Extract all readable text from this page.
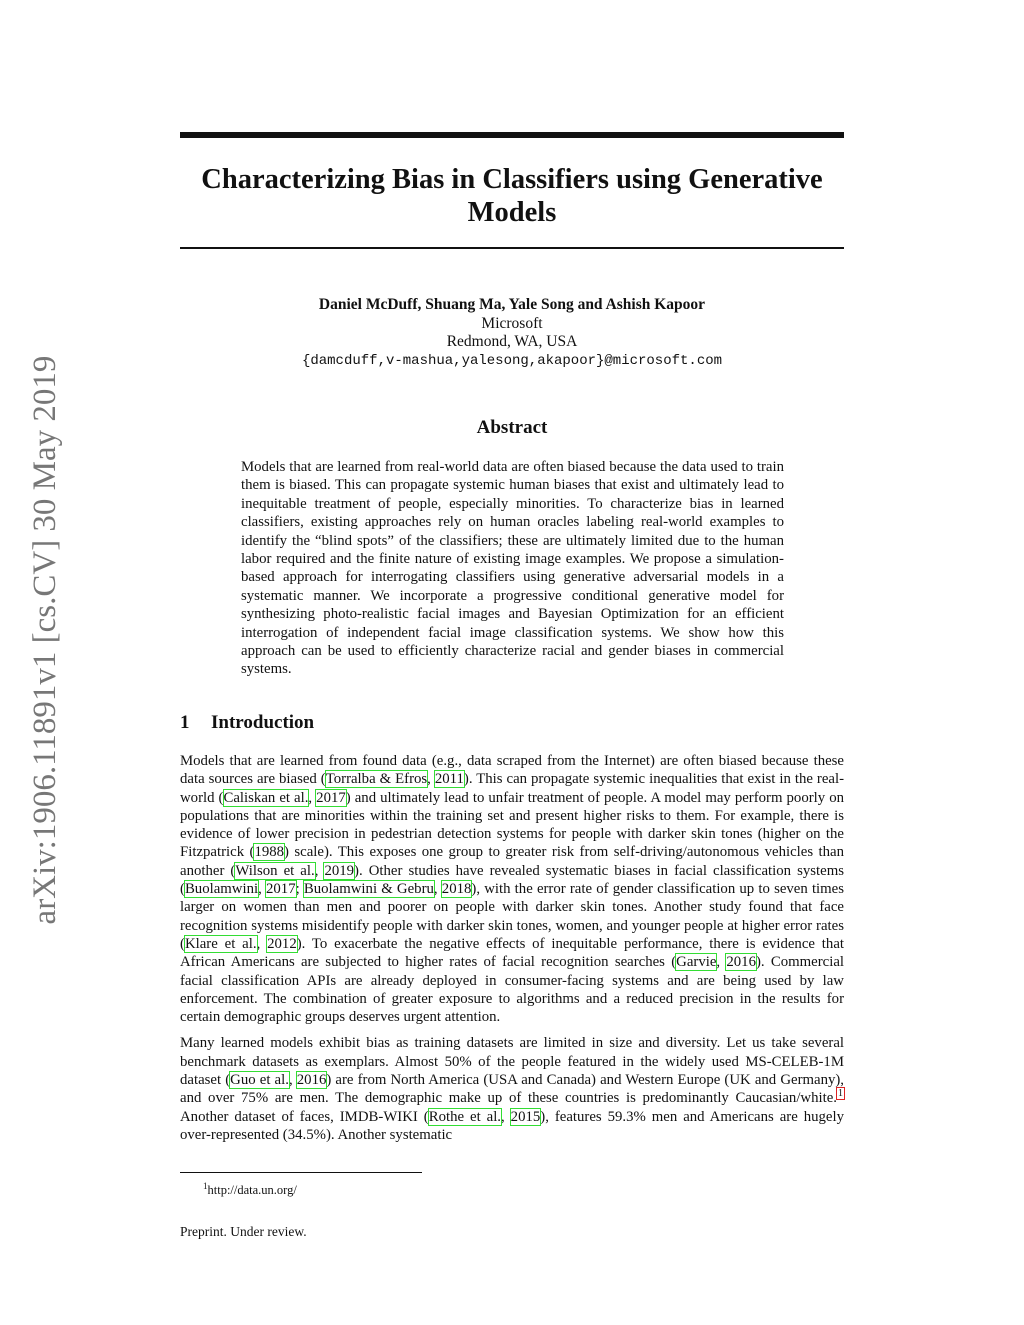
arXiv:1906.11891v1 [cs.CV] 30 May 2019
Characterizing Bias in Classifiers using Generative
Models
Daniel McDuff, Shuang Ma, Yale Song and Ashish Kapoor
Microsoft
Redmond, WA, USA
{damcduff,v-mashua,yalesong,akapoor}@microsoft.com
Abstract
Models that are learned from real-world data are often biased because the data used to train them is biased. This can propagate systemic human biases that exist and ultimately lead to inequitable treatment of people, especially minorities. To characterize bias in learned classifiers, existing approaches rely on human oracles labeling real-world examples to identify the “blind spots” of the classifiers; these are ultimately limited due to the human labor required and the finite nature of existing image examples. We propose a simulation-based approach for interrogating classifiers using generative adversarial models in a systematic manner. We incorporate a progressive conditional generative model for synthesizing photo-realistic facial images and Bayesian Optimization for an efficient interrogation of independent facial image classification systems. We show how this approach can be used to efficiently characterize racial and gender biases in commercial systems.
1 Introduction

Models that are learned from found data (e.g., data scraped from the Internet) are often biased because these data sources are biased (Torralba & Efros, 2011). This can propagate systemic inequalities that exist in the real-world (Caliskan et al., 2017) and ultimately lead to unfair treatment of people. A model may perform poorly on populations that are minorities within the training set and present higher risks to them. For example, there is evidence of lower precision in pedestrian detection systems for people with darker skin tones (higher on the Fitzpatrick (1988) scale). This exposes one group to greater risk from self-driving/autonomous vehicles than another (Wilson et al., 2019). Other studies have revealed systematic biases in facial classification systems (Buolamwini, 2017; Buolamwini & Gebru, 2018), with the error rate of gender classification up to seven times larger on women than men and poorer on people with darker skin tones. Another study found that face recognition systems misidentify people with darker skin tones, women, and younger people at higher error rates (Klare et al., 2012). To exacerbate the negative effects of inequitable performance, there is evidence that African Americans are subjected to higher rates of facial recognition searches (Garvie, 2016). Commercial facial classification APIs are already deployed in consumer-facing systems and are being used by law enforcement. The combination of greater exposure to algorithms and a reduced precision in the results for certain demographic groups deserves urgent attention.

Many learned models exhibit bias as training datasets are limited in size and diversity. Let us take several benchmark datasets as exemplars. Almost 50% of the people featured in the widely used MS-CELEB-1M dataset (Guo et al., 2016) are from North America (USA and Canada) and Western Europe (UK and Germany), and over 75% are men. The demographic make up of these countries is predominantly Caucasian/white.$^1$ Another dataset of faces, IMDB-WIKI (Rothe et al., 2015), features 59.3% men and Americans are hugely over-represented (34.5%). Another systematic

$^1$http://data.un.org/
Preprint. Under review.
